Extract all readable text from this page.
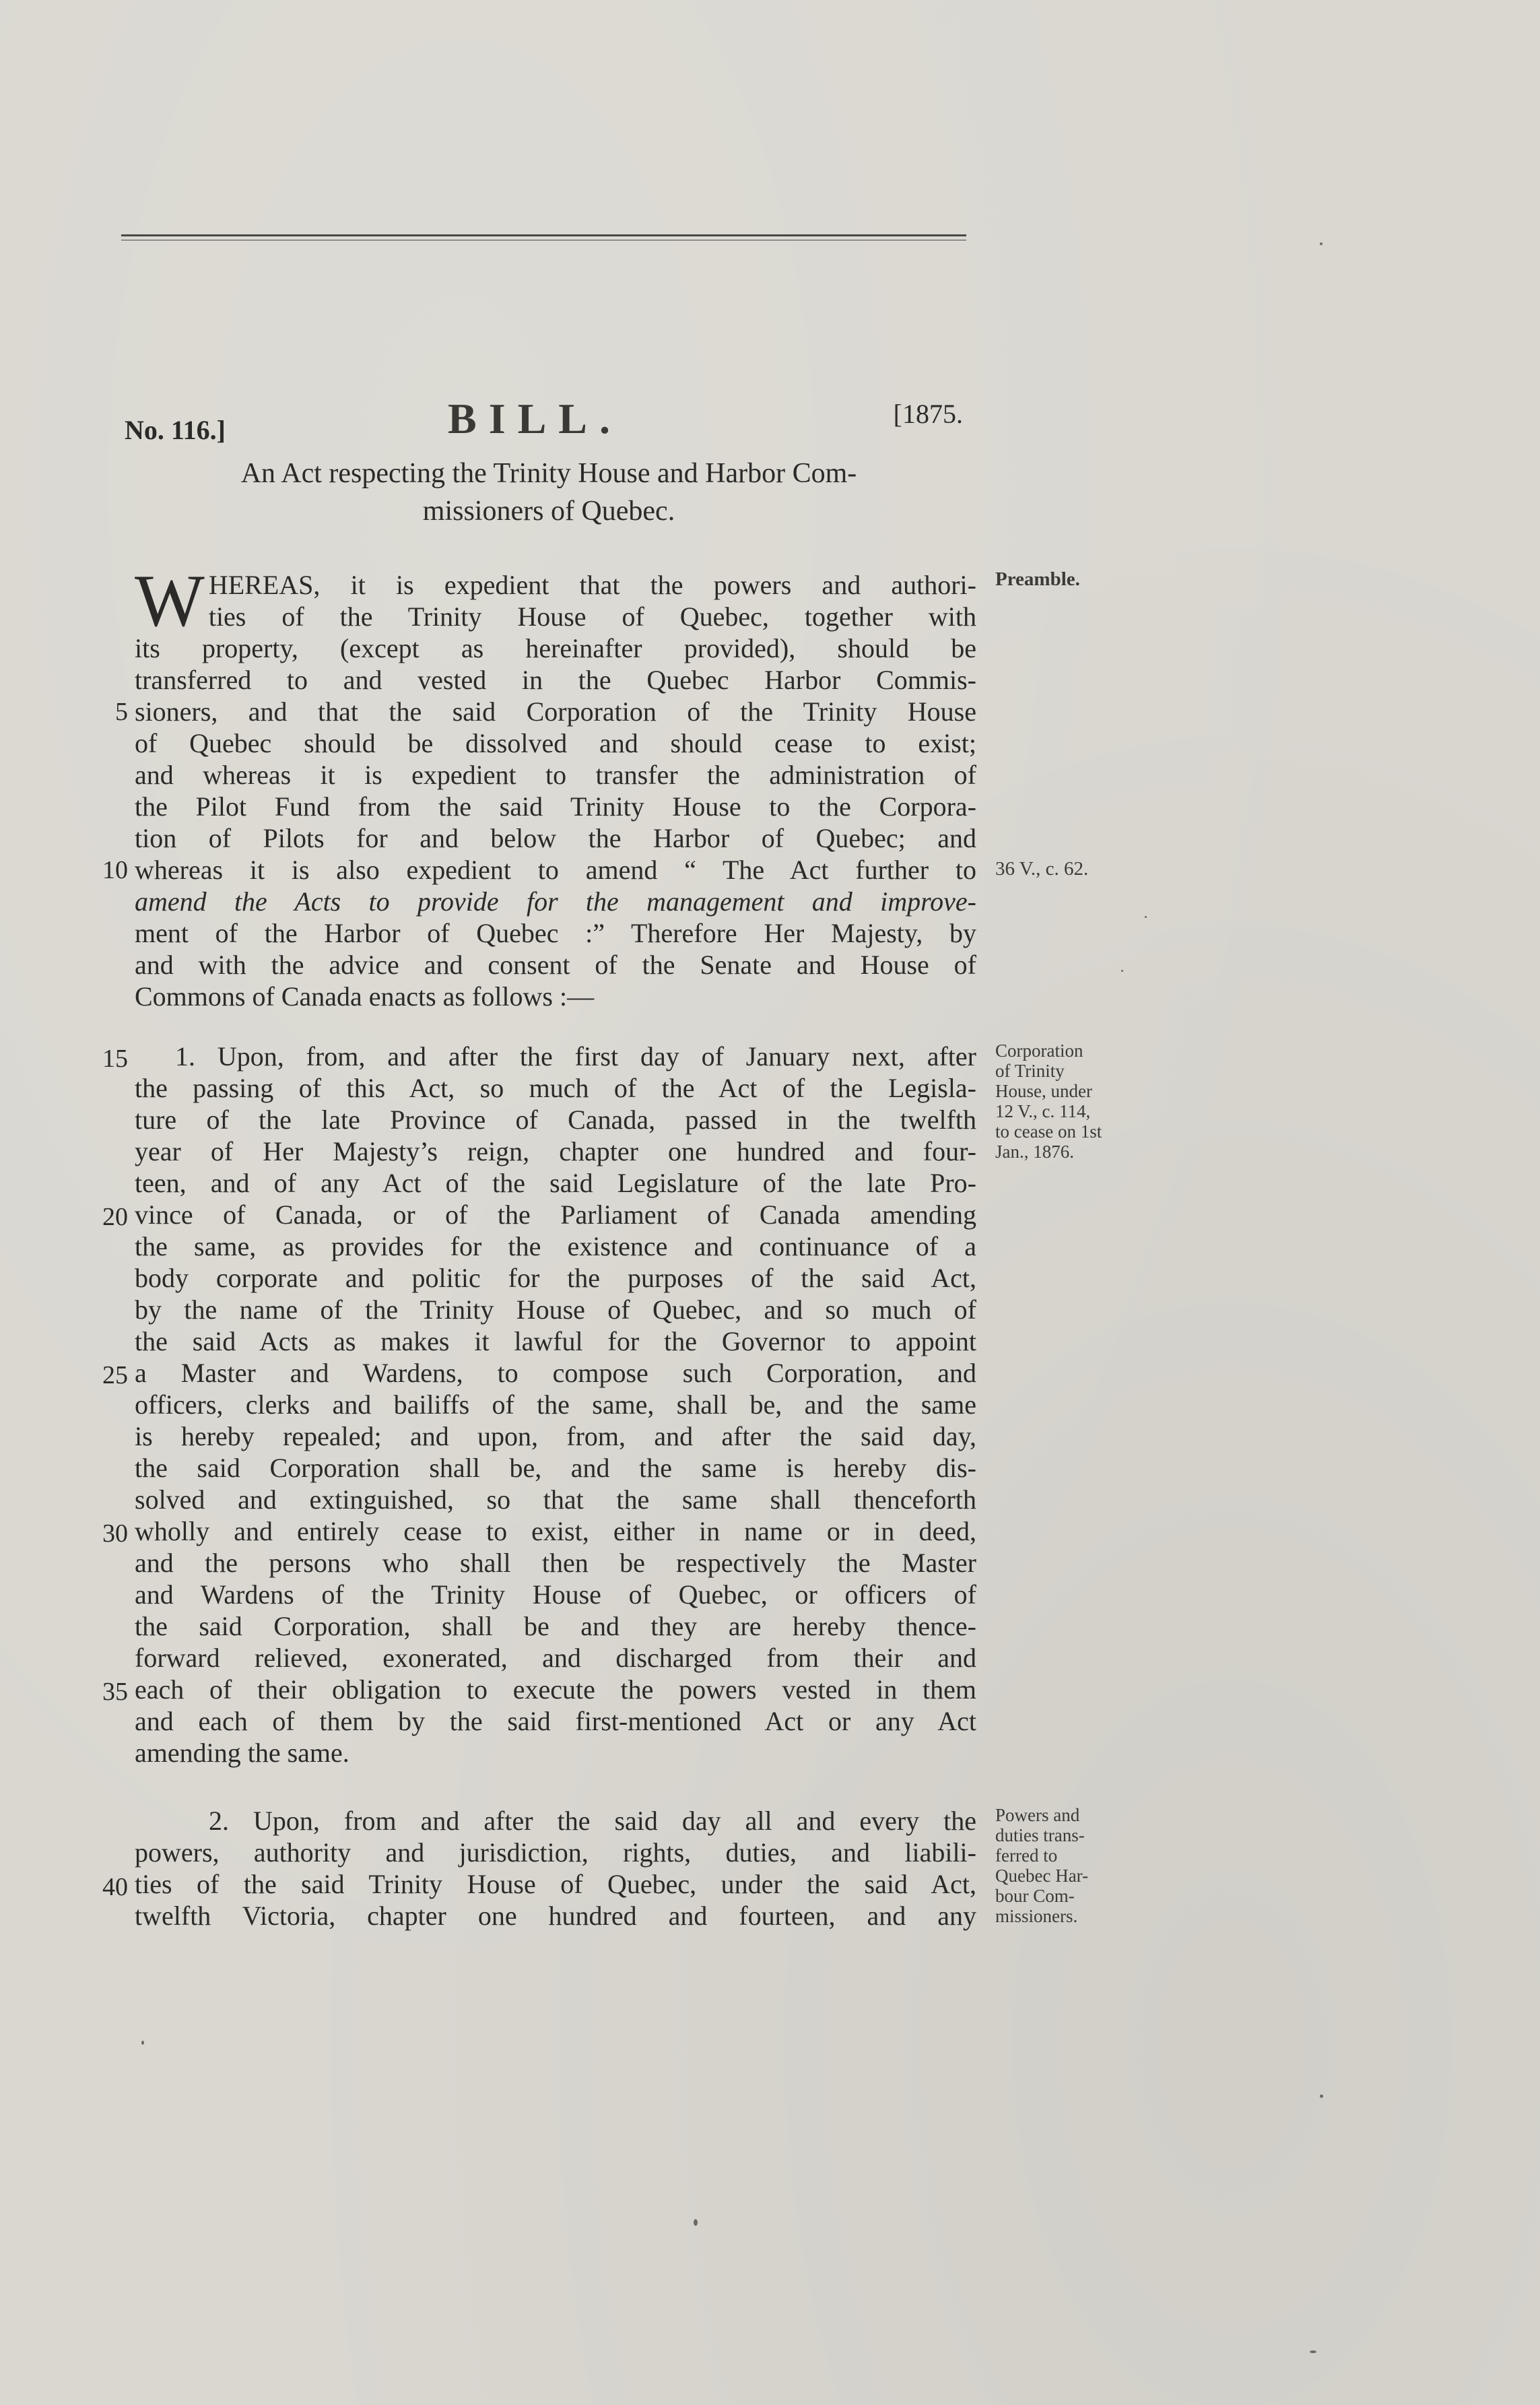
No. 116.]	BILL.	[1875.
An Act respecting the Trinity House and Harbor Com-
missioners of Quebec.
W HEREAS, it is expedient that the powers and authori-
ties of the Trinity House of Quebec, together with
its property, (except as hereinafter provided), should be
transferred to and vested in the Quebec Harbor Commis-
sioners, and that the said Corporation of the Trinity House
of Quebec should be dissolved and should cease to exist;
and whereas it is expedient to transfer the administration of
the Pilot Fund from the said Trinity House to the Corpora-
tion of Pilots for and below the Harbor of Quebec; and
whereas it is also expedient to amend “ The Act further to
amend the Acts to provide for the management and improve-
ment of the Harbor of Quebec :” Therefore Her Majesty, by
and with the advice and consent of the Senate and House of
Commons of Canada enacts as follows :—
1. Upon, from, and after the first day of January next, after
the passing of this Act, so much of the Act of the Legisla-
ture of the late Province of Canada, passed in the twelfth
year of Her Majesty’s reign, chapter one hundred and four-
teen, and of any Act of the said Legislature of the late Pro-
vince of Canada, or of the Parliament of Canada amending
the same, as provides for the existence and continuance of a
body corporate and politic for the purposes of the said Act,
by the name of the Trinity House of Quebec, and so much of
the said Acts as makes it lawful for the Governor to appoint
a Master and Wardens, to compose such Corporation, and
officers, clerks and bailiffs of the same, shall be, and the same
is hereby repealed; and upon, from, and after the said day,
the said Corporation shall be, and the same is hereby dis-
solved and extinguished, so that the same shall thenceforth
wholly and entirely cease to exist, either in name or in deed,
and the persons who shall then be respectively the Master
and Wardens of the Trinity House of Quebec, or officers of
the said Corporation, shall be and they are hereby thence-
forward relieved, exonerated, and discharged from their and
each of their obligation to execute the powers vested in them
and each of them by the said first-mentioned Act or any Act
amending the same.
2. Upon, from and after the said day all and every the
powers, authority and jurisdiction, rights, duties, and liabili-
ties of the said Trinity House of Quebec, under the said Act,
twelfth Victoria, chapter one hundred and fourteen, and any
5
10
15
20
25
30
35
40
Preamble.
36 V., c. 62.
Corporation
of Trinity
House, under
12 V., c. 114,
to cease on 1st
Jan., 1876.
Powers and
duties trans-
ferred to
Quebec Har-
bour Com-
missioners.
